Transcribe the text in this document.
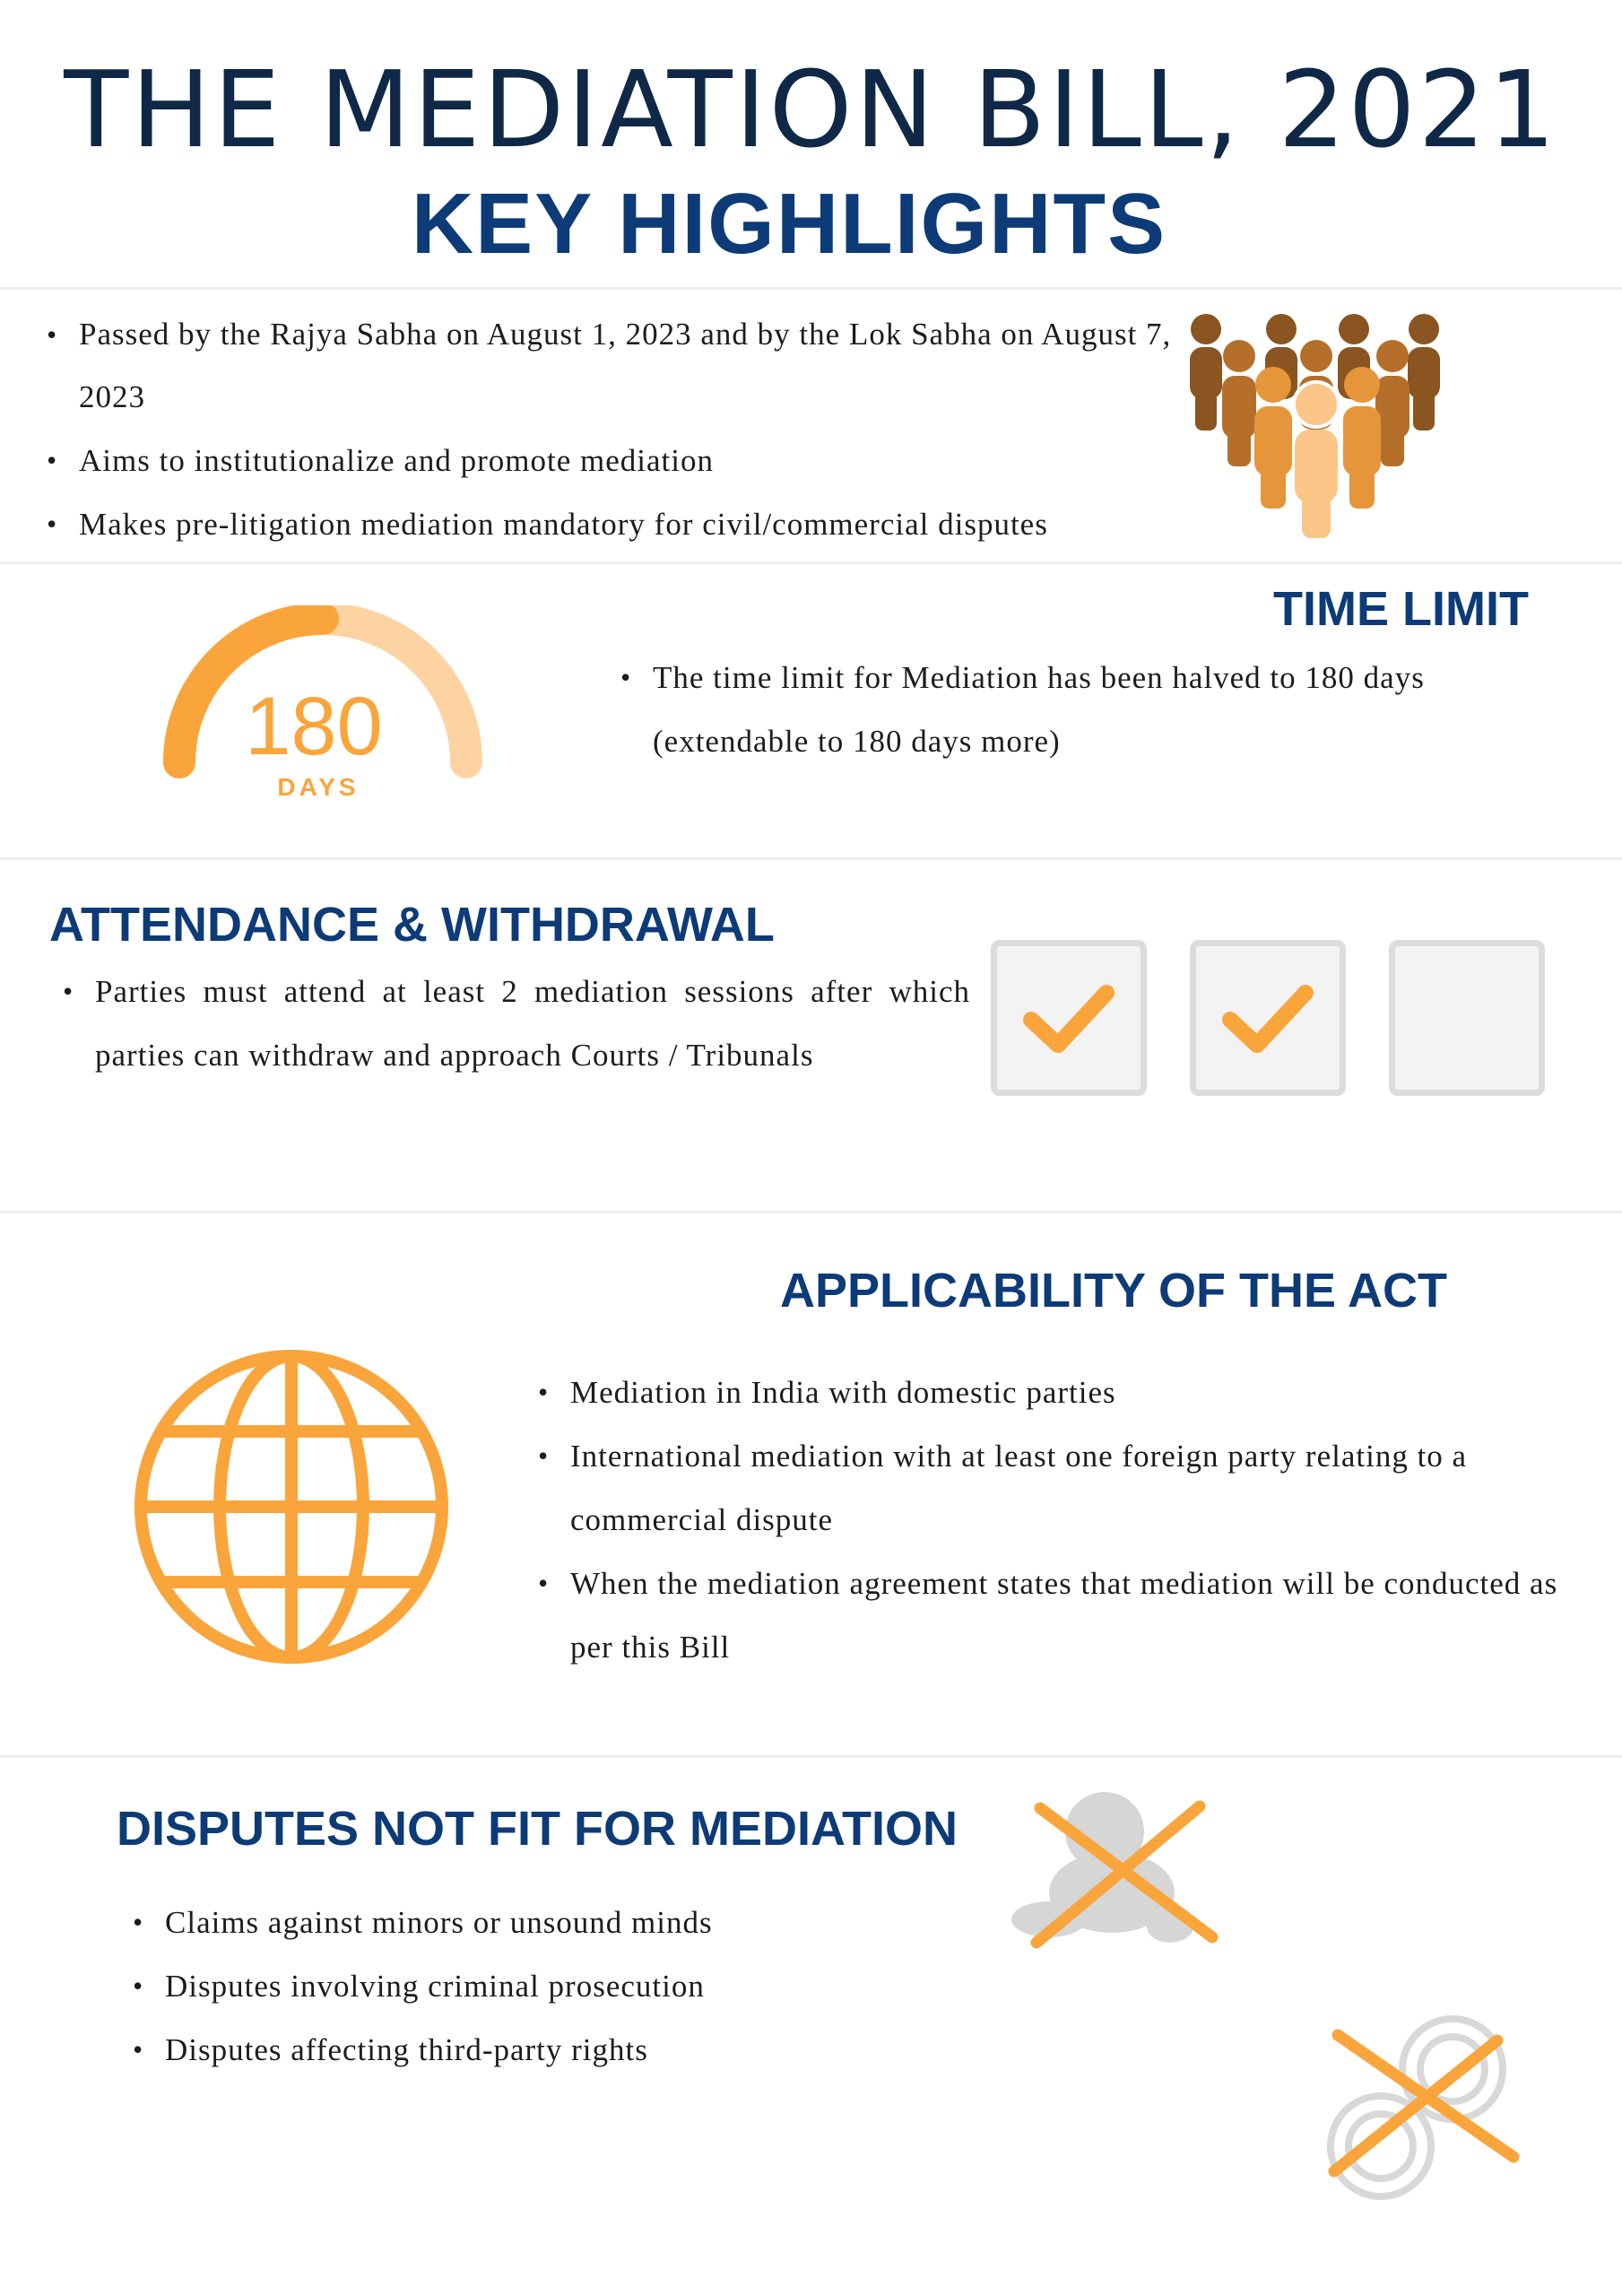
THE MEDIATION BILL, 2021
KEY HIGHLIGHTS
• Passed by the Rajya Sabha on August 1, 2023 and by the Lok Sabha on August 7, 2023
• Aims to institutionalize and promote mediation
• Makes pre-litigation mediation mandatory for civil/commercial disputes
TIME LIMIT
180
DAYS
• The time limit for Mediation has been halved to 180 days (extendable to 180 days more)
ATTENDANCE & WITHDRAWAL
• Parties must attend at least 2 mediation sessions after which parties can withdraw and approach Courts / Tribunals
APPLICABILITY OF THE ACT
• Mediation in India with domestic parties
• International mediation with at least one foreign party relating to a commercial dispute
• When the mediation agreement states that mediation will be conducted as per this Bill
DISPUTES NOT FIT FOR MEDIATION
• Claims against minors or unsound minds
• Disputes involving criminal prosecution
• Disputes affecting third-party rights
